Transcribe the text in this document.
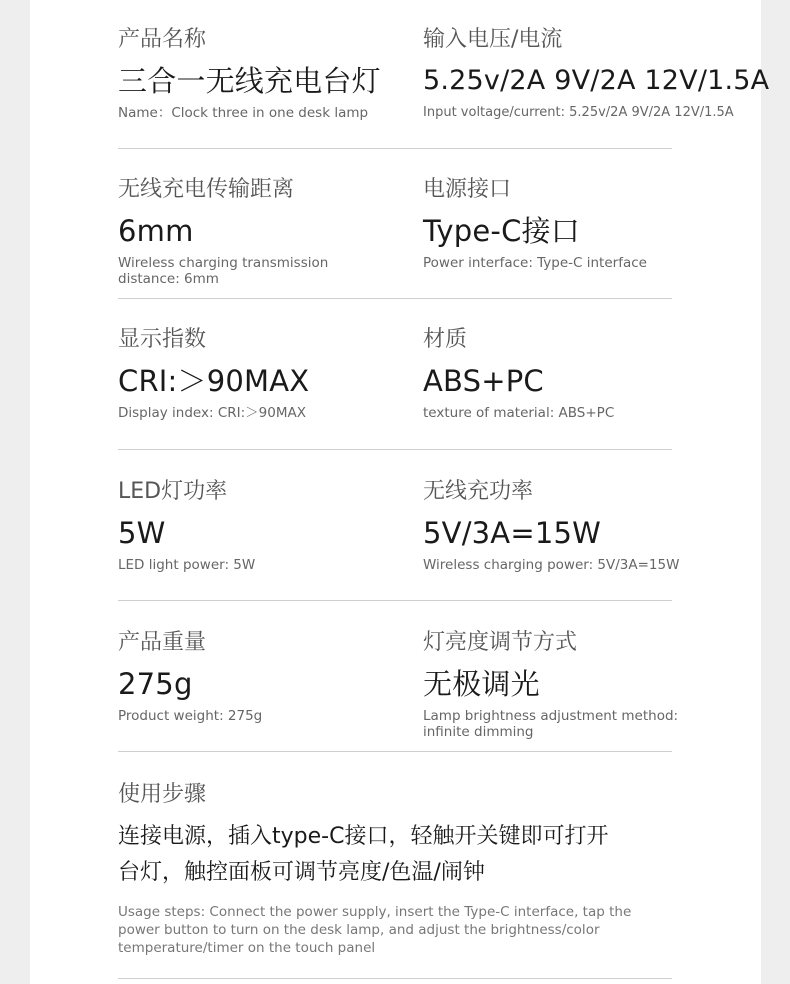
产品名称
三合一无线充电台灯
Name：Clock three in one desk lamp
输入电压/电流
5.25v/2A 9V/2A 12V/1.5A
Input voltage/current: 5.25v/2A 9V/2A 12V/1.5A
无线充电传输距离
6mm
Wireless charging transmission distance: 6mm
电源接口
Type-C接口
Power interface: Type-C interface
显示指数
CRI:＞90MAX
Display index: CRI:＞90MAX
材质
ABS+PC
texture of material: ABS+PC
LED灯功率
5W
LED light power: 5W
无线充功率
5V/3A=15W
Wireless charging power: 5V/3A=15W
产品重量
275g
Product weight: 275g
灯亮度调节方式
无极调光
Lamp brightness adjustment method: infinite dimming
使用步骤
连接电源，插入type-C接口，轻触开关键即可打开
台灯，触控面板可调节亮度/色温/闹钟
Usage steps: Connect the power supply, insert the Type-C interface, tap the power button to turn on the desk lamp, and adjust the brightness/color temperature/timer on the touch panel
